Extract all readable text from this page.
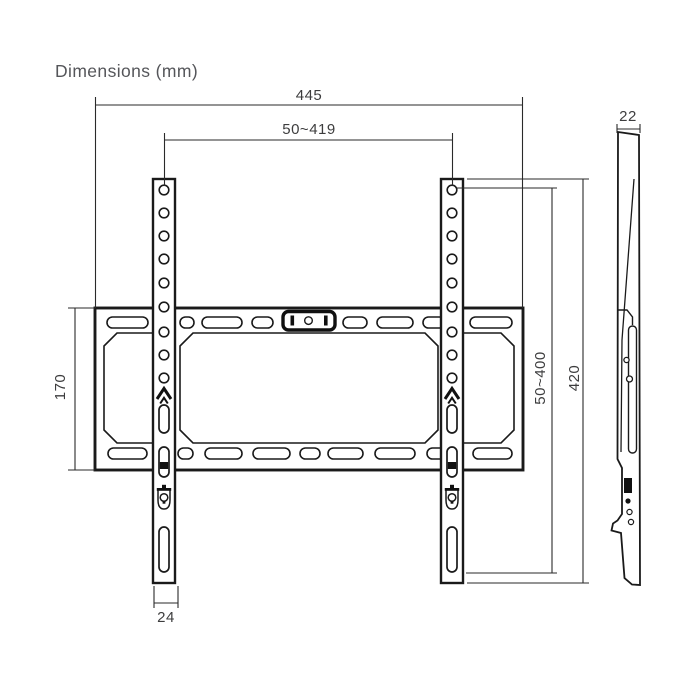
Dimensions (mm)
445
50~419
170	50~400 420
24
22
